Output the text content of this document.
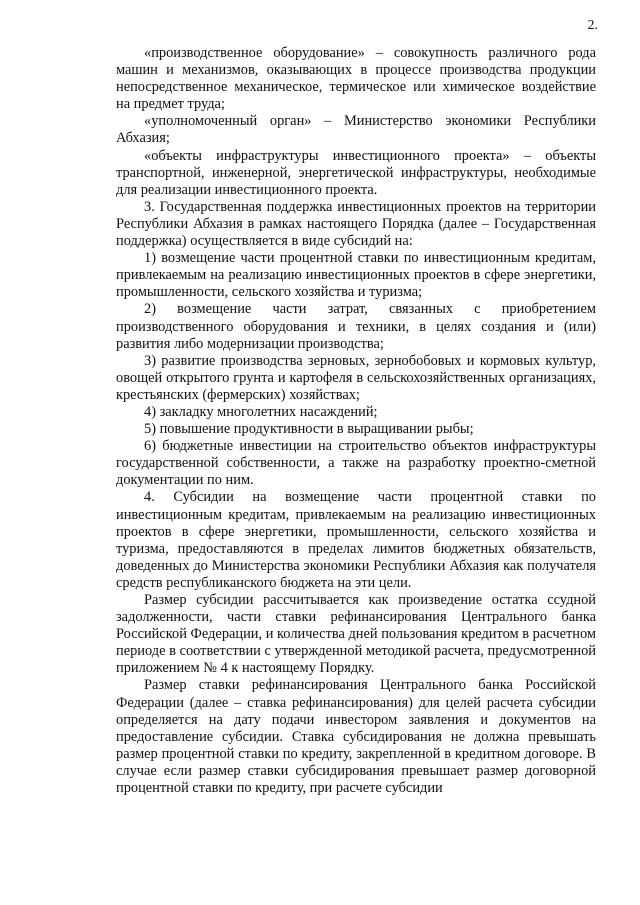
2.

«производственное оборудование» – совокупность различного рода машин и механизмов, оказывающих в процессе производства продукции непосредственное механическое, термическое или химическое воздействие на предмет труда;

«уполномоченный орган» – Министерство экономики Республики Абхазия;

«объекты инфраструктуры инвестиционного проекта» – объекты транспортной, инженерной, энергетической инфраструктуры, необходимые для реализации инвестиционного проекта.

3. Государственная поддержка инвестиционных проектов на территории Республики Абхазия в рамках настоящего Порядка (далее – Государственная поддержка) осуществляется в виде субсидий на:

1) возмещение части процентной ставки по инвестиционным кредитам, привлекаемым на реализацию инвестиционных проектов в сфере энергетики, промышленности, сельского хозяйства и туризма;

2) возмещение части затрат, связанных с приобретением производственного оборудования и техники, в целях создания и (или) развития либо модернизации производства;

3) развитие производства зерновых, зернобобовых и кормовых культур, овощей открытого грунта и картофеля в сельскохозяйственных организациях, крестьянских (фермерских) хозяйствах;

4) закладку многолетних насаждений;

5) повышение продуктивности в выращивании рыбы;

6) бюджетные инвестиции на строительство объектов инфраструктуры государственной собственности, а также на разработку проектно-сметной документации по ним.

4. Субсидии на возмещение части процентной ставки по инвестиционным кредитам, привлекаемым на реализацию инвестиционных проектов в сфере энергетики, промышленности, сельского хозяйства и туризма, предоставляются в пределах лимитов бюджетных обязательств, доведенных до Министерства экономики Республики Абхазия как получателя средств республиканского бюджета на эти цели.

Размер субсидии рассчитывается как произведение остатка ссудной задолженности, части ставки рефинансирования Центрального банка Российской Федерации, и количества дней пользования кредитом в расчетном периоде в соответствии с утвержденной методикой расчета, предусмотренной приложением № 4 к настоящему Порядку.

Размер ставки рефинансирования Центрального банка Российской Федерации (далее – ставка рефинансирования) для целей расчета субсидии определяется на дату подачи инвестором заявления и документов на предоставление субсидии. Ставка субсидирования не должна превышать размер процентной ставки по кредиту, закрепленной в кредитном договоре. В случае если размер ставки субсидирования превышает размер договорной процентной ставки по кредиту, при расчете субсидии
